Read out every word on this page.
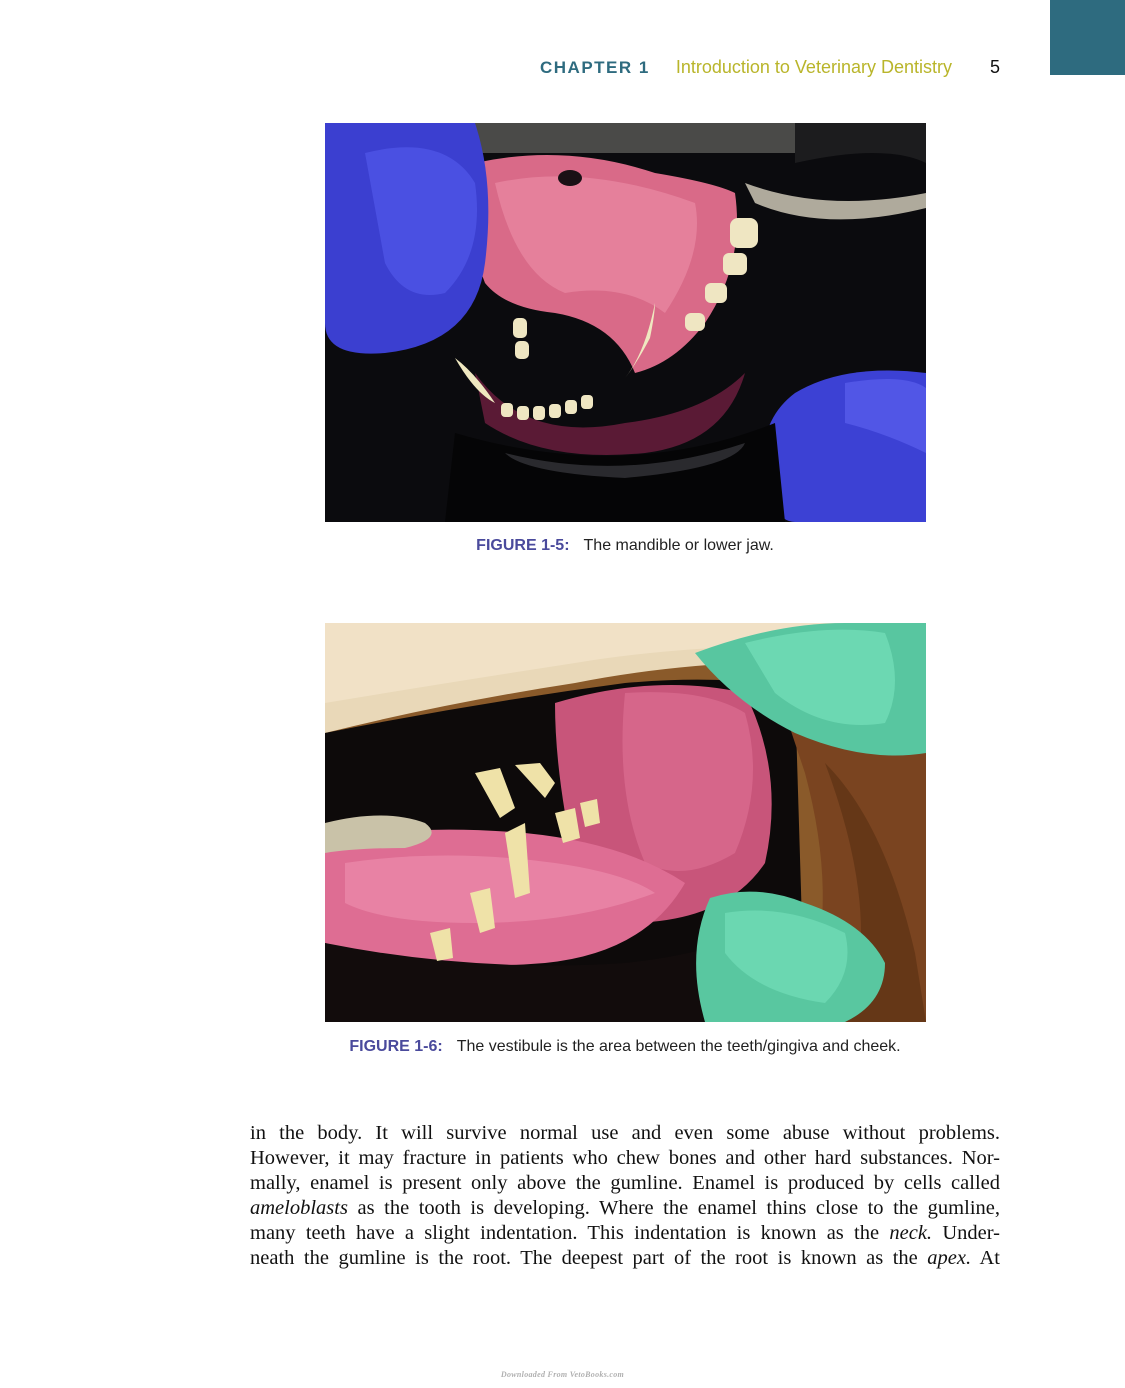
CHAPTER 1 Introduction to Veterinary Dentistry 5
FIGURE 1-5: The mandible or lower jaw.
FIGURE 1-6: The vestibule is the area between the teeth/gingiva and cheek.
in the body. It will survive normal use and even some abuse without problems.
However, it may fracture in patients who chew bones and other hard substances. Nor-
mally, enamel is present only above the gumline. Enamel is produced by cells called
ameloblasts as the tooth is developing. Where the enamel thins close to the gumline,
many teeth have a slight indentation. This indentation is known as the neck. Under-
neath the gumline is the root. The deepest part of the root is known as the apex. At
Downloaded From VetoBooks.com
